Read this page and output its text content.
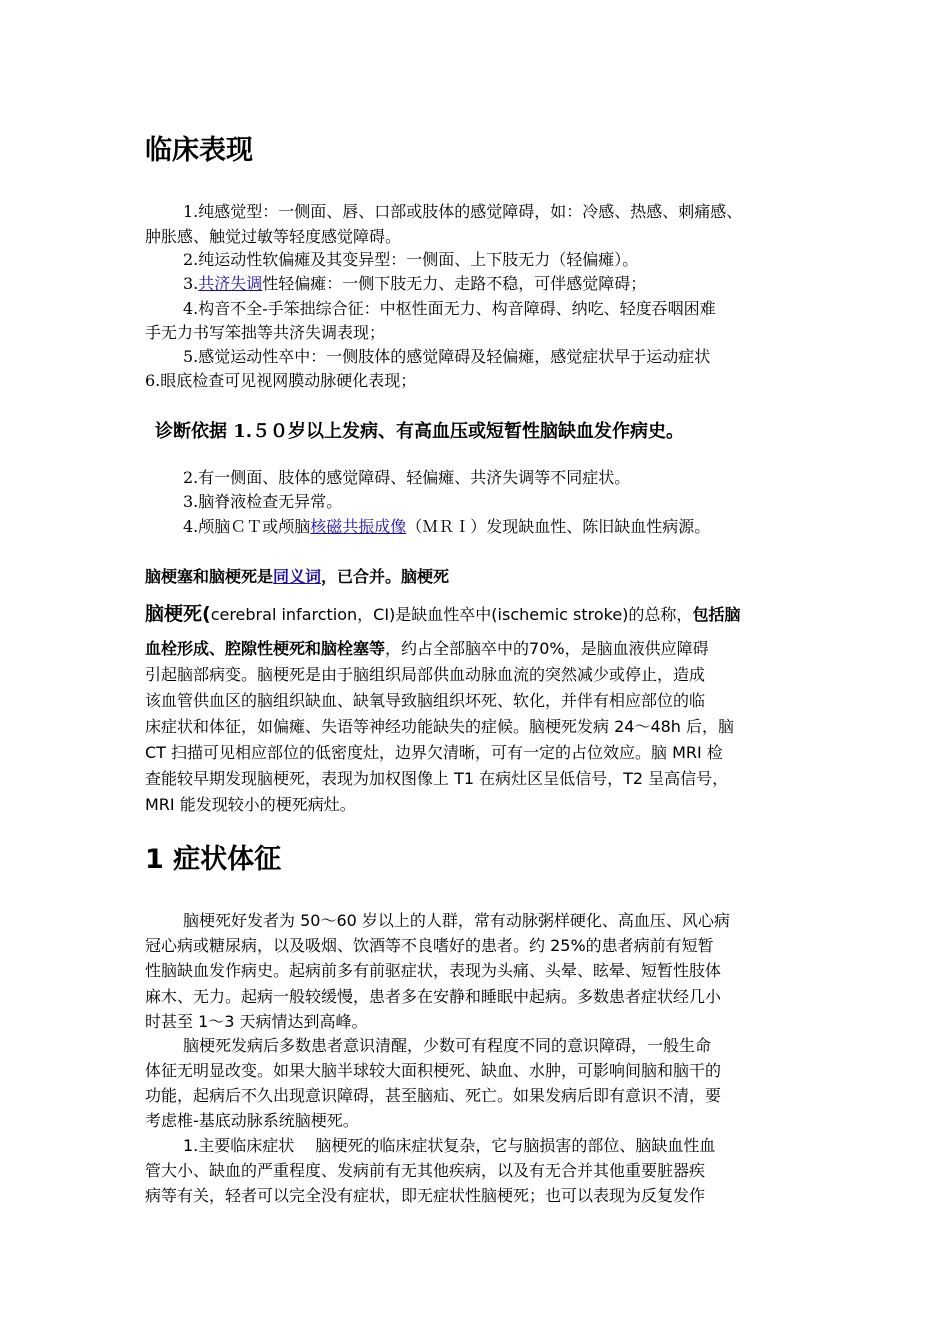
临床表现
1.纯感觉型：一侧面、唇、口部或肢体的感觉障碍，如：冷感、热感、刺痛感、
肿胀感、触觉过敏等轻度感觉障碍。
2.纯运动性软偏瘫及其变异型：一侧面、上下肢无力（轻偏瘫）。
3.共济失调性轻偏瘫：一侧下肢无力、走路不稳，可伴感觉障碍；
4.构音不全-手笨拙综合征：中枢性面无力、构音障碍、纳吃、轻度吞咽困难
手无力书写笨拙等共济失调表现；
5.感觉运动性卒中：一侧肢体的感觉障碍及轻偏瘫，感觉症状早于运动症状
6.眼底检查可见视网膜动脉硬化表现；
诊断依据 1.５０岁以上发病、有高血压或短暂性脑缺血发作病史。
2.有一侧面、肢体的感觉障碍、轻偏瘫、共济失调等不同症状。
3.脑脊液检查无异常。
4.颅脑ＣＴ或颅脑核磁共振成像（ＭＲＩ）发现缺血性、陈旧缺血性病源。
脑梗塞和脑梗死是同义词，已合并。脑梗死
脑梗死(cerebral infarction，CI)是缺血性卒中(ischemic stroke)的总称，包括脑
血栓形成、腔隙性梗死和脑栓塞等，约占全部脑卒中的70%，是脑血液供应障碍
引起脑部病变。脑梗死是由于脑组织局部供血动脉血流的突然减少或停止，造成
该血管供血区的脑组织缺血、缺氧导致脑组织坏死、软化，并伴有相应部位的临
床症状和体征，如偏瘫、失语等神经功能缺失的症候。脑梗死发病 24～48h 后，脑
CT 扫描可见相应部位的低密度灶，边界欠清晰，可有一定的占位效应。脑 MRI 检
查能较早期发现脑梗死，表现为加权图像上 T1 在病灶区呈低信号，T2 呈高信号，
MRI 能发现较小的梗死病灶。
1 症状体征
脑梗死好发者为 50～60 岁以上的人群，常有动脉粥样硬化、高血压、风心病
冠心病或糖尿病，以及吸烟、饮酒等不良嗜好的患者。约 25%的患者病前有短暂
性脑缺血发作病史。起病前多有前驱症状，表现为头痛、头晕、眩晕、短暂性肢体
麻木、无力。起病一般较缓慢，患者多在安静和睡眠中起病。多数患者症状经几小
时甚至 1～3 天病情达到高峰。
脑梗死发病后多数患者意识清醒，少数可有程度不同的意识障碍，一般生命
体征无明显改变。如果大脑半球较大面积梗死、缺血、水肿，可影响间脑和脑干的
功能，起病后不久出现意识障碍，甚至脑疝、死亡。如果发病后即有意识不清，要
考虑椎-基底动脉系统脑梗死。
1.主要临床症状　 脑梗死的临床症状复杂，它与脑损害的部位、脑缺血性血
管大小、缺血的严重程度、发病前有无其他疾病，以及有无合并其他重要脏器疾
病等有关，轻者可以完全没有症状，即无症状性脑梗死；也可以表现为反复发作
